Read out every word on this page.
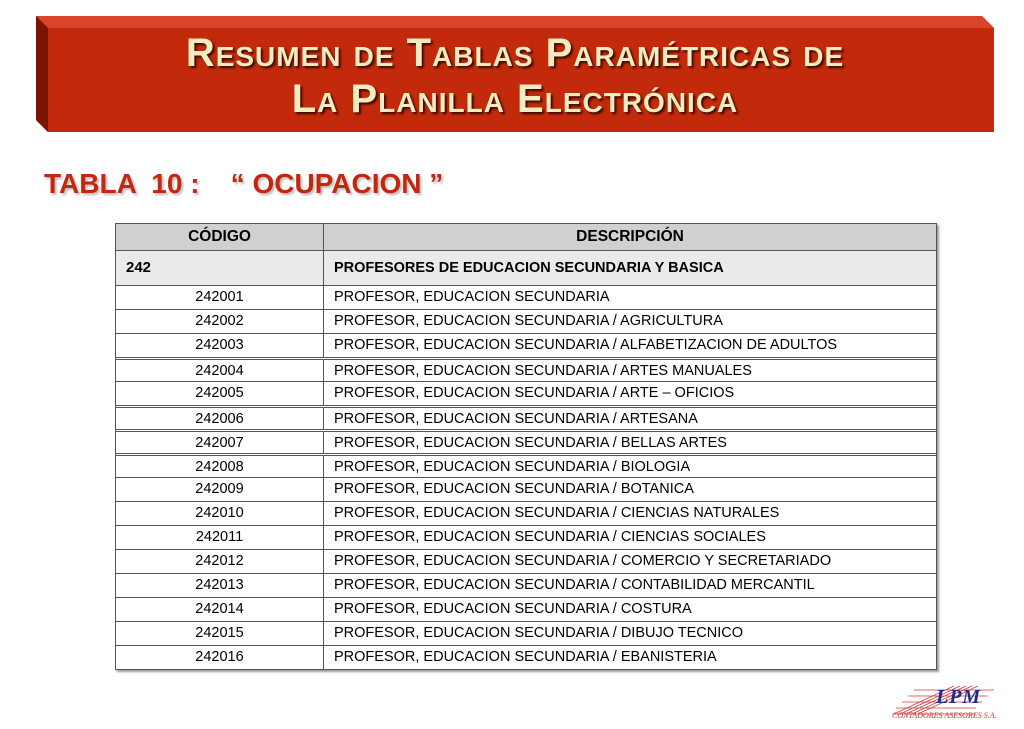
Resumen de Tablas Paramétricas de
La Planilla Electrónica
TABLA  10 :    “ OCUPACION ”
CÓDIGO	DESCRIPCIÓN
242	PROFESORES DE EDUCACION SECUNDARIA Y BASICA
242001	PROFESOR, EDUCACION SECUNDARIA
242002	PROFESOR, EDUCACION SECUNDARIA / AGRICULTURA
242003	PROFESOR, EDUCACION SECUNDARIA / ALFABETIZACION DE ADULTOS
242004	PROFESOR, EDUCACION SECUNDARIA / ARTES MANUALES
242005	PROFESOR, EDUCACION SECUNDARIA / ARTE – OFICIOS
242006	PROFESOR, EDUCACION SECUNDARIA / ARTESANA
242007	PROFESOR, EDUCACION SECUNDARIA / BELLAS ARTES
242008	PROFESOR, EDUCACION SECUNDARIA / BIOLOGIA
242009	PROFESOR, EDUCACION SECUNDARIA / BOTANICA
242010	PROFESOR, EDUCACION SECUNDARIA / CIENCIAS NATURALES
242011	PROFESOR, EDUCACION SECUNDARIA / CIENCIAS SOCIALES
242012	PROFESOR, EDUCACION SECUNDARIA / COMERCIO Y SECRETARIADO
242013	PROFESOR, EDUCACION SECUNDARIA / CONTABILIDAD MERCANTIL
242014	PROFESOR, EDUCACION SECUNDARIA / COSTURA
242015	PROFESOR, EDUCACION SECUNDARIA / DIBUJO TECNICO
242016	PROFESOR, EDUCACION SECUNDARIA / EBANISTERIA
LPM
CONTADORES ASESORES S.A.
